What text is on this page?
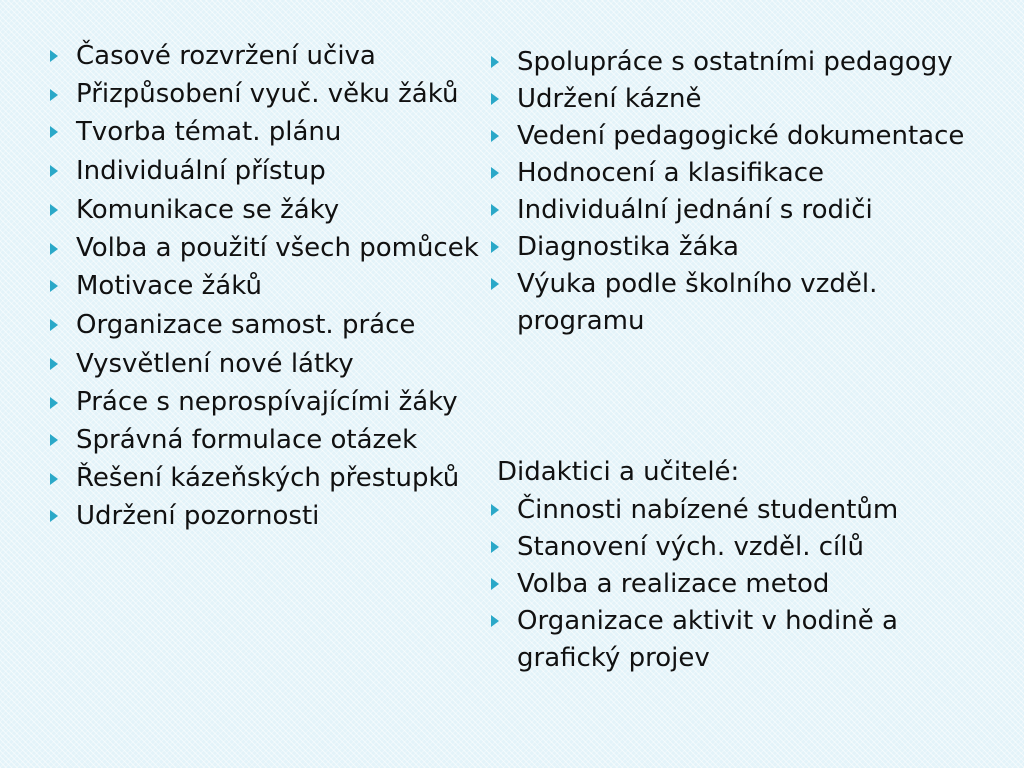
Časové rozvržení učiva
Přizpůsobení vyuč. věku žáků
Tvorba témat. plánu
Individuální přístup
Komunikace se žáky
Volba a použití všech pomůcek
Motivace žáků
Organizace samost. práce
Vysvětlení nové látky
Práce s neprospívajícími žáky
Správná formulace otázek
Řešení kázeňských přestupků
Udržení pozornosti
Spolupráce s ostatními pedagogy
Udržení kázně
Vedení pedagogické dokumentace
Hodnocení a klasifikace
Individuální jednání s rodiči
Diagnostika žáka
Výuka podle školního vzděl. programu

Didaktici a učitelé:

Činnosti nabízené studentům
Stanovení vých. vzděl. cílů
Volba a realizace metod
Organizace aktivit v hodině a grafický projev
